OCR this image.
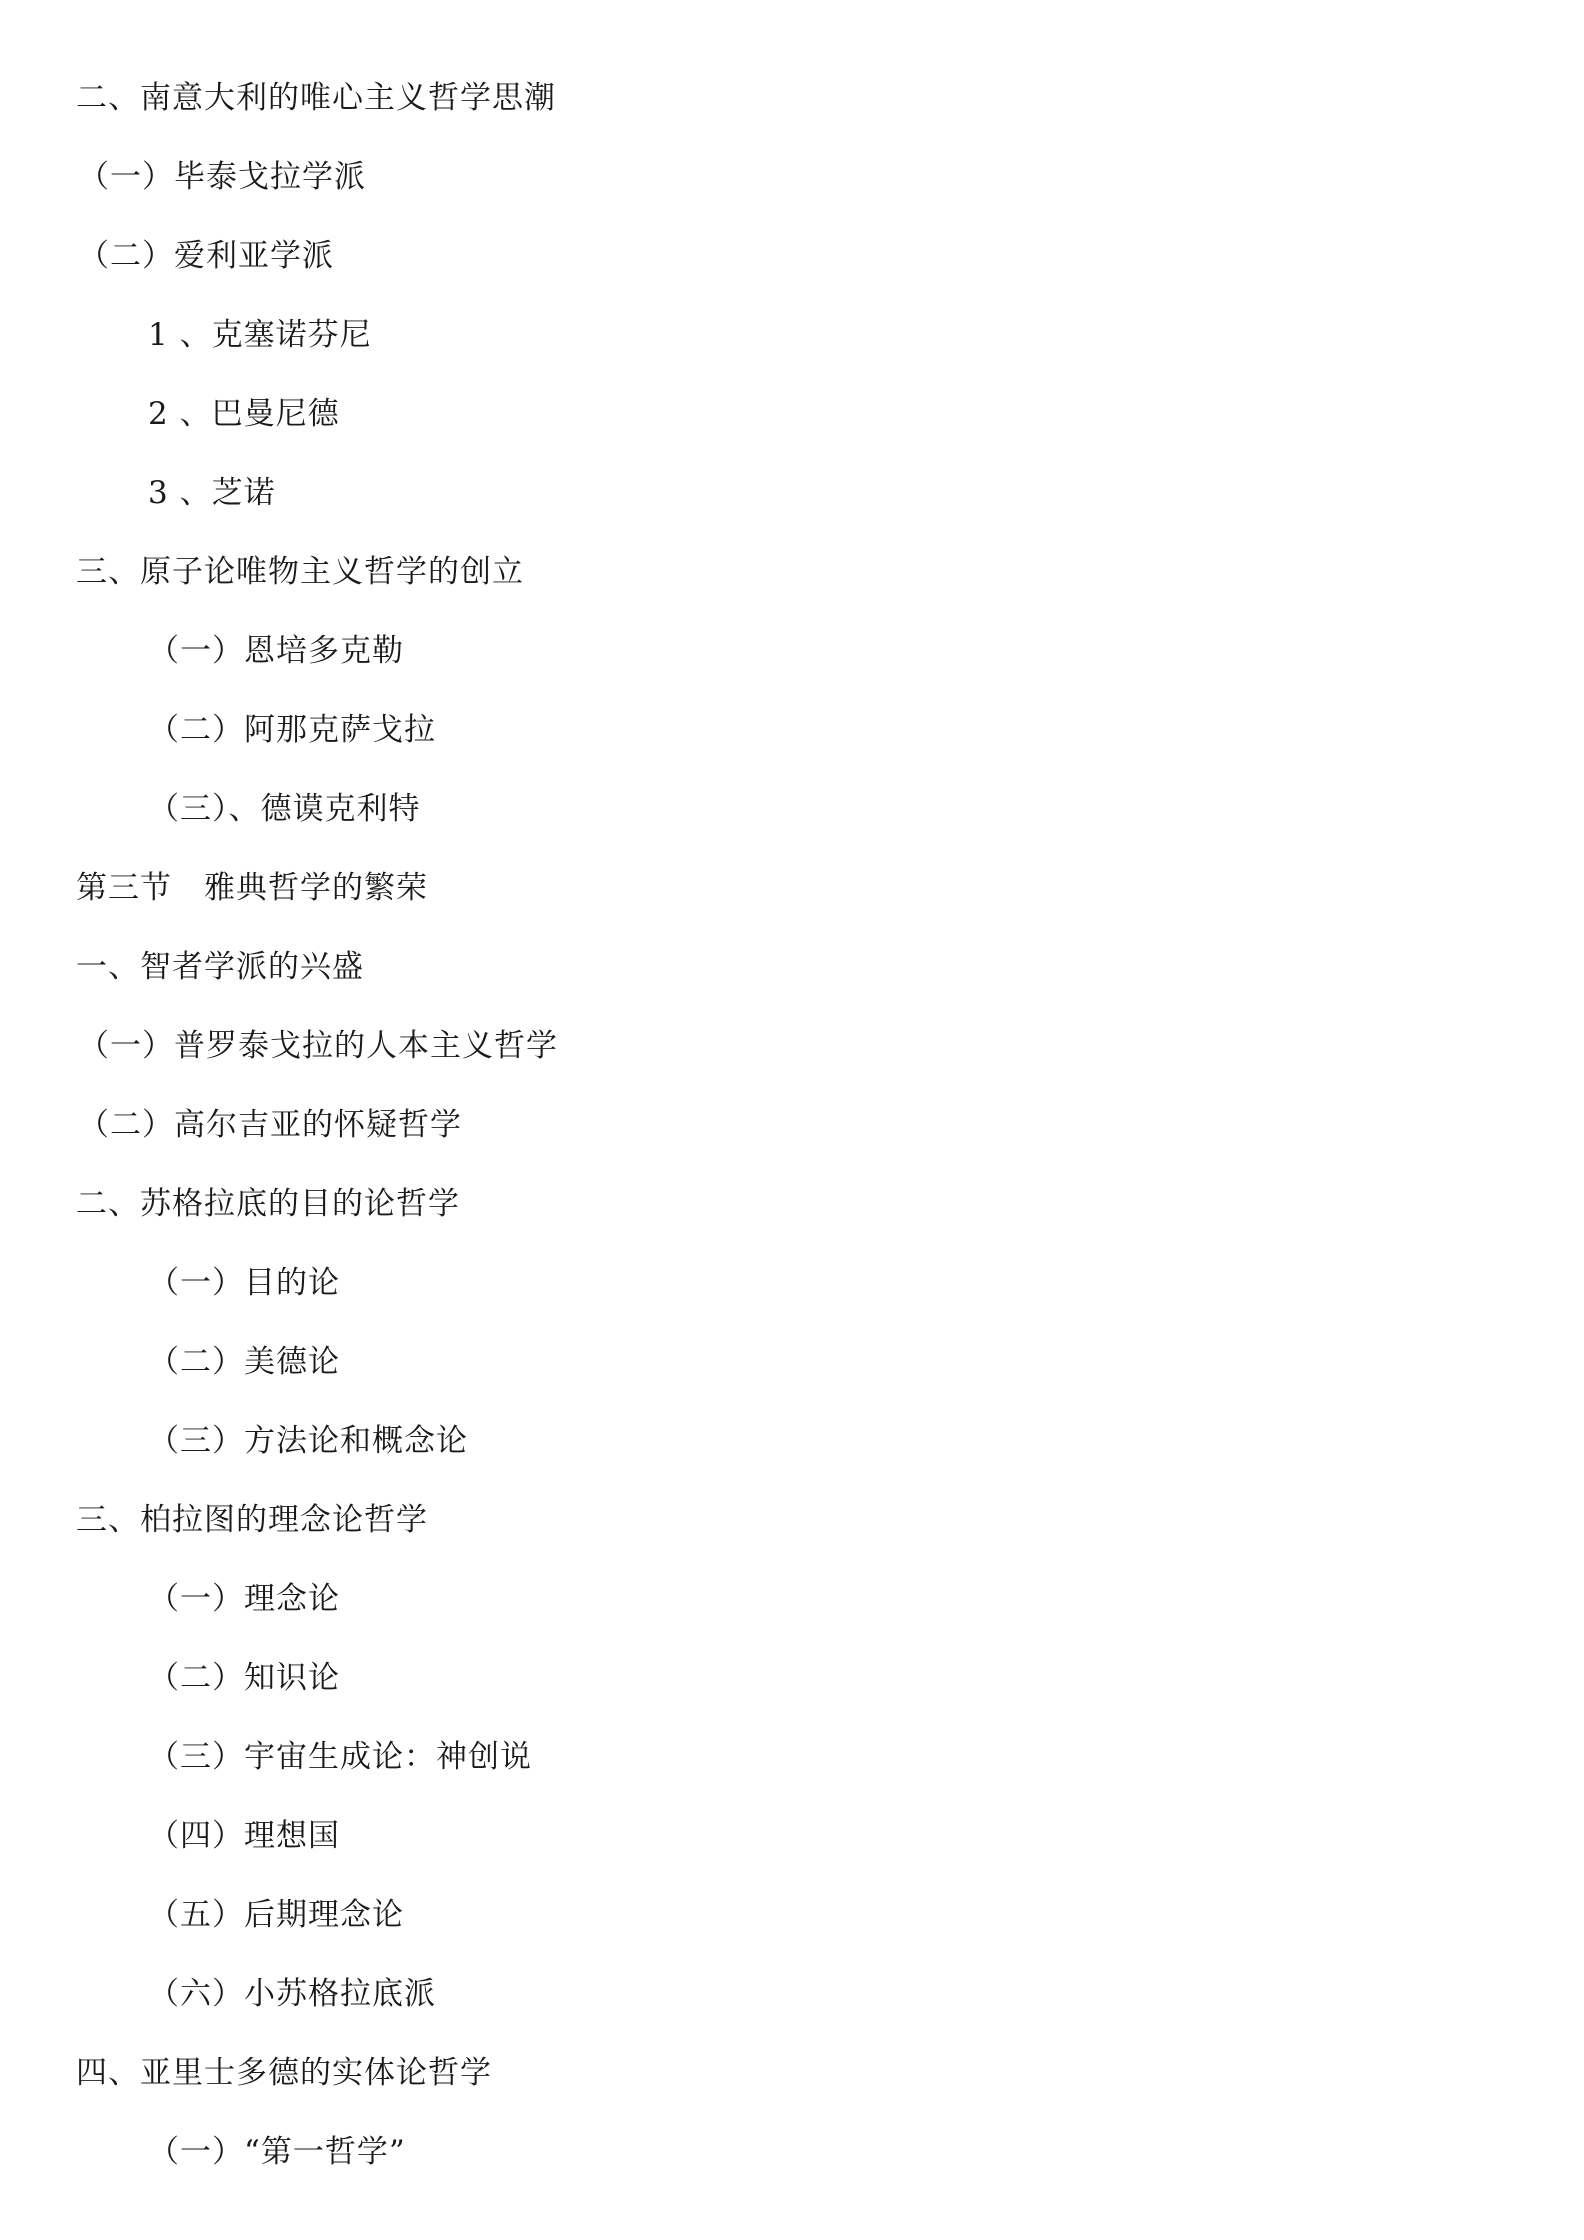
二、南意大利的唯心主义哲学思潮
（一）毕泰戈拉学派
（二）爱利亚学派
1 、克塞诺芬尼
2 、巴曼尼德
3 、芝诺
三、原子论唯物主义哲学的创立
（一）恩培多克勒
（二）阿那克萨戈拉
（三）、德谟克利特
第三节　雅典哲学的繁荣
一、智者学派的兴盛
（一）普罗泰戈拉的人本主义哲学
（二）高尔吉亚的怀疑哲学
二、苏格拉底的目的论哲学
（一）目的论
（二）美德论
（三）方法论和概念论
三、柏拉图的理念论哲学
（一）理念论
（二）知识论
（三）宇宙生成论：神创说
（四）理想国
（五）后期理念论
（六）小苏格拉底派
四、亚里士多德的实体论哲学
（一）“第一哲学”
